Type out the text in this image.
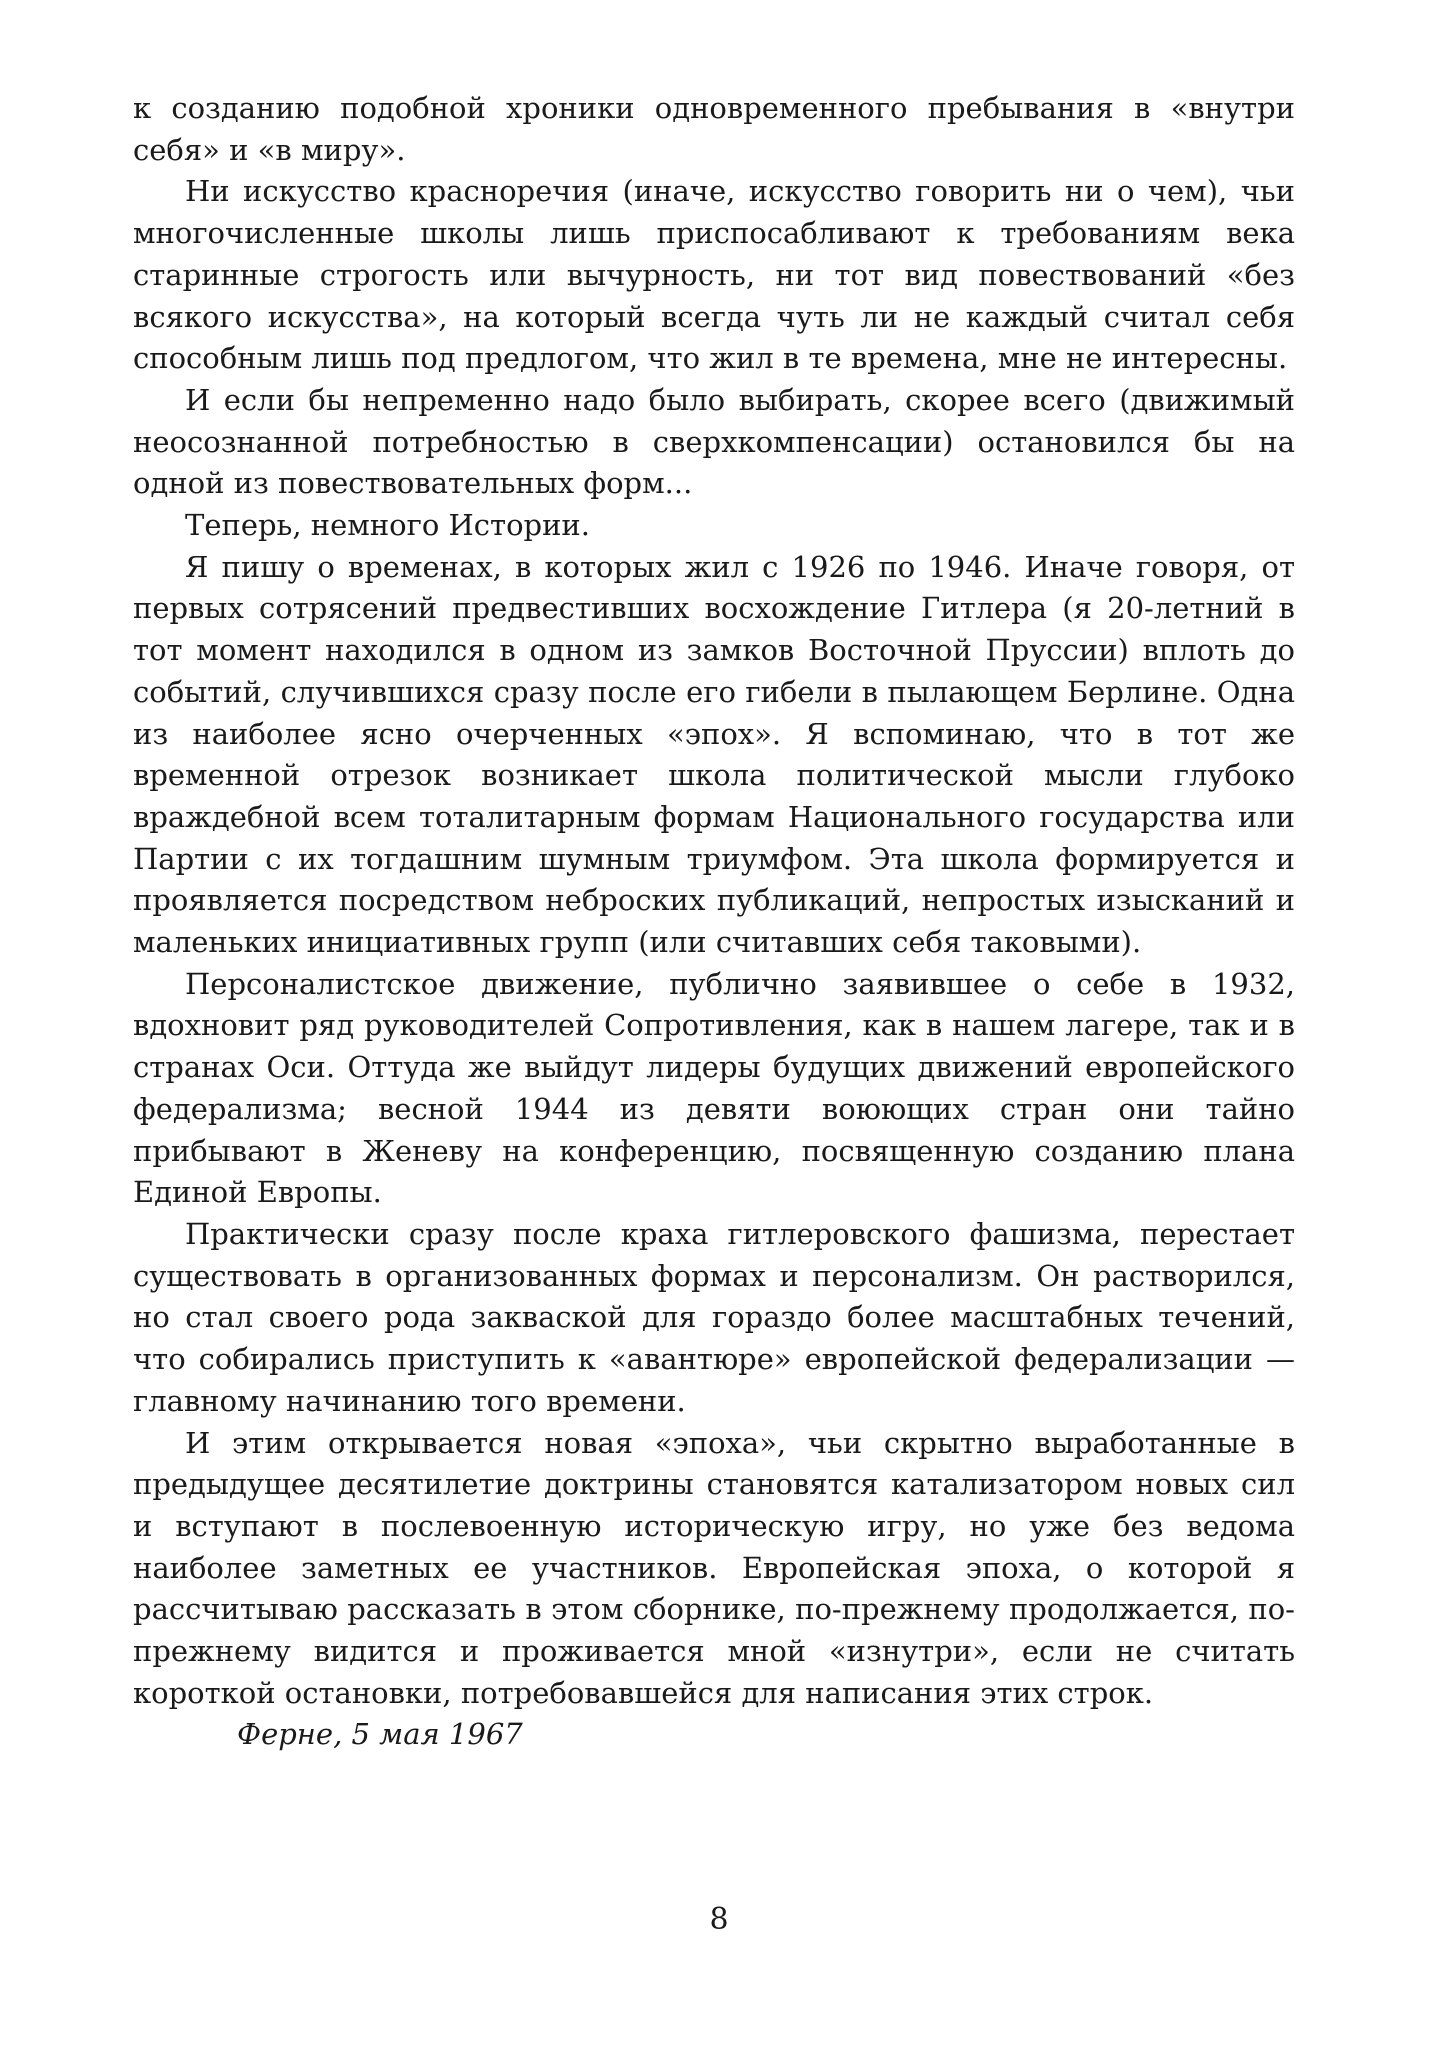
к созданию подобной хроники одновременного пребывания в «внутри себя» и «в миру».

Ни искусство красноречия (иначе, искусство говорить ни о чем), чьи многочисленные школы лишь приспосабливают к требованиям века старинные строгость или вычурность, ни тот вид повествований «без всякого искусства», на который всегда чуть ли не каждый считал себя способным лишь под предлогом, что жил в те времена, мне не интересны.

И если бы непременно надо было выбирать, скорее всего (движимый неосознанной потребностью в сверхкомпенсации) остановился бы на одной из повествовательных форм...

Теперь, немного Истории.

Я пишу о временах, в которых жил с 1926 по 1946. Иначе говоря, от первых сотрясений предвестивших восхождение Гитлера (я 20-летний в тот момент находился в одном из замков Восточной Пруссии) вплоть до событий, случившихся сразу после его гибели в пылающем Берлине. Одна из наиболее ясно очерченных «эпох». Я вспоминаю, что в тот же временной отрезок возникает школа политической мысли глубоко враждебной всем тоталитарным формам Национального государства или Партии с их тогдашним шумным триумфом. Эта школа формируется и проявляется посредством неброских публикаций, непростых изысканий и маленьких инициативных групп (или считавших себя таковыми).

Персоналистское движение, публично заявившее о себе в 1932, вдохновит ряд руководителей Сопротивления, как в нашем лагере, так и в странах Оси. Оттуда же выйдут лидеры будущих движений европейского федерализма; весной 1944 из девяти воюющих стран они тайно прибывают в Женеву на конференцию, посвященную созданию плана Единой Европы.

Практически сразу после краха гитлеровского фашизма, перестает существовать в организованных формах и персонализм. Он растворился, но стал своего рода закваской для гораздо более масштабных течений, что собирались приступить к «авантюре» европейской федерализации — главному начинанию того времени.

И этим открывается новая «эпоха», чьи скрытно выработанные в предыдущее десятилетие доктрины становятся катализатором новых сил и вступают в послевоенную историческую игру, но уже без ведома наиболее заметных ее участников. Европейская эпоха, о которой я рассчитываю рассказать в этом сборнике, по-прежнему продолжается, по-прежнему видится и проживается мной «изнутри», если не считать короткой остановки, потребовавшейся для написания этих строк.

Ферне, 5 мая 1967

8
